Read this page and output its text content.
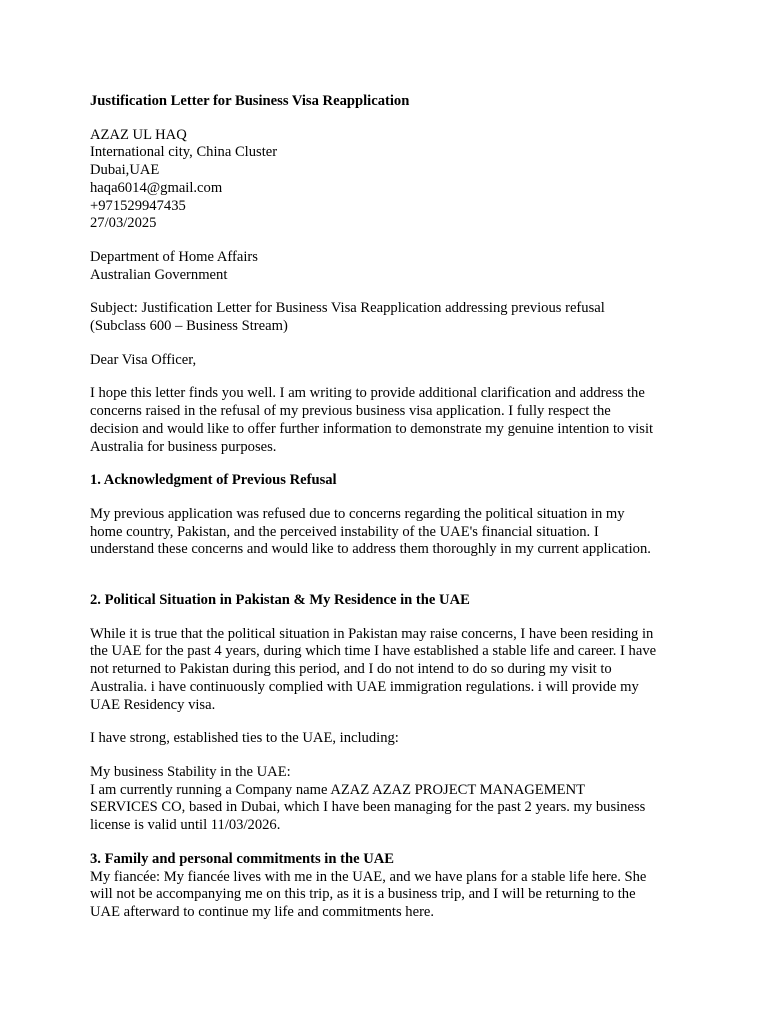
Justification Letter for Business Visa Reapplication
AZAZ UL HAQ
International city, China Cluster
Dubai,UAE
haqa6014@gmail.com
+971529947435
27/03/2025
Department of Home Affairs
Australian Government
Subject: Justification Letter for Business Visa Reapplication addressing previous refusal
(Subclass 600 – Business Stream)
Dear Visa Officer,
I hope this letter finds you well. I am writing to provide additional clarification and address the
concerns raised in the refusal of my previous business visa application. I fully respect the
decision and would like to offer further information to demonstrate my genuine intention to visit
Australia for business purposes.
1. Acknowledgment of Previous Refusal
My previous application was refused due to concerns regarding the political situation in my
home country, Pakistan, and the perceived instability of the UAE's financial situation. I
understand these concerns and would like to address them thoroughly in my current application.
2. Political Situation in Pakistan & My Residence in the UAE
While it is true that the political situation in Pakistan may raise concerns, I have been residing in
the UAE for the past 4 years, during which time I have established a stable life and career. I have
not returned to Pakistan during this period, and I do not intend to do so during my visit to
Australia. i have continuously complied with UAE immigration regulations. i will provide my
UAE Residency visa.
I have strong, established ties to the UAE, including:
My business Stability in the UAE:
I am currently running a Company name AZAZ AZAZ PROJECT MANAGEMENT
SERVICES CO, based in Dubai, which I have been managing for the past 2 years. my business
license is valid until 11/03/2026.
3. Family and personal commitments in the UAE
My fiancée: My fiancée lives with me in the UAE, and we have plans for a stable life here. She
will not be accompanying me on this trip, as it is a business trip, and I will be returning to the
UAE afterward to continue my life and commitments here.
